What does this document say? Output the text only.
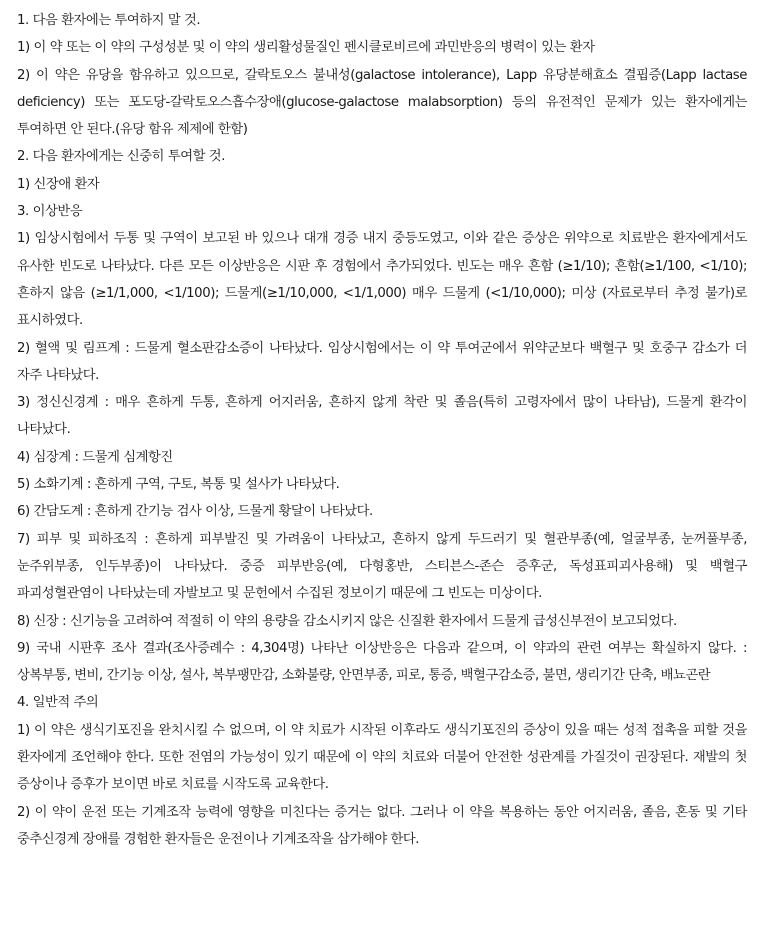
1. 다음 환자에는 투여하지 말 것.

1) 이 약 또는 이 약의 구성성분 및 이 약의 생리활성물질인 펜시클로비르에 과민반응의 병력이 있는 환자

2) 이 약은 유당을 함유하고 있으므로, 갈락토오스 불내성(galactose intolerance), Lapp 유당분해효소 결핍증(Lapp lactase deficiency) 또는 포도당-갈락토오스흡수장애(glucose-galactose malabsorption) 등의 유전적인 문제가 있는 환자에게는 투여하면 안 된다.(유당 함유 제제에 한함)

2. 다음 환자에게는 신중히 투여할 것.

1) 신장애 환자

3. 이상반응

1) 임상시험에서 두통 및 구역이 보고된 바 있으나 대개 경증 내지 중등도였고, 이와 같은 증상은 위약으로 치료받은 환자에게서도 유사한 빈도로 나타났다. 다른 모든 이상반응은 시판 후 경험에서 추가되었다. 빈도는 매우 흔함 (≥1/10); 흔함(≥1/100, <1/10); 흔하지 않음 (≥1/1,000, <1/100); 드물게(≥1/10,000, <1/1,000) 매우 드물게 (<1/10,000); 미상 (자료로부터 추정 불가)로 표시하였다.

2) 혈액 및 림프계 : 드물게 혈소판감소증이 나타났다. 임상시험에서는 이 약 투여군에서 위약군보다 백혈구 및 호중구 감소가 더 자주 나타났다.

3) 정신신경계 : 매우 흔하게 두통, 흔하게 어지러움, 흔하지 않게 착란 및 졸음(특히 고령자에서 많이 나타남), 드물게 환각이 나타났다.

4) 심장계 : 드물게 심계항진

5) 소화기계 : 흔하게 구역, 구토, 복통 및 설사가 나타났다.

6) 간담도계 : 흔하게 간기능 검사 이상, 드물게 황달이 나타났다.

7) 피부 및 피하조직 : 흔하게 피부발진 및 가려움이 나타났고, 흔하지 않게 두드러기 및 혈관부종(예, 얼굴부종, 눈꺼풀부종, 눈주위부종, 인두부종)이 나타났다. 중증 피부반응(예, 다형홍반, 스티븐스-존슨 증후군, 독성표피괴사용해) 및 백혈구 파괴성혈관염이 나타났는데 자발보고 및 문헌에서 수집된 정보이기 때문에 그 빈도는 미상이다.

8) 신장 : 신기능을 고려하여 적절히 이 약의 용량을 감소시키지 않은 신질환 환자에서 드물게 급성신부전이 보고되었다.

9) 국내 시판후 조사 결과(조사증례수 : 4,304명) 나타난 이상반응은 다음과 같으며, 이 약과의 관련 여부는 확실하지 않다. : 상복부통, 변비, 간기능 이상, 설사, 복부팽만감, 소화불량, 안면부종, 피로, 통증, 백혈구감소증, 불면, 생리기간 단축, 배뇨곤란

4. 일반적 주의

1) 이 약은 생식기포진을 완치시킬 수 없으며, 이 약 치료가 시작된 이후라도 생식기포진의 증상이 있을 때는 성적 접촉을 피할 것을 환자에게 조언해야 한다. 또한 전염의 가능성이 있기 때문에 이 약의 치료와 더불어 안전한 성관계를 가질것이 권장된다. 재발의 첫 증상이나 증후가 보이면 바로 치료를 시작도록 교육한다.

2) 이 약이 운전 또는 기계조작 능력에 영향을 미친다는 증거는 없다. 그러나 이 약을 복용하는 동안 어지러움, 졸음, 혼동 및 기타 중추신경계 장애를 경험한 환자들은 운전이나 기계조작을 삼가해야 한다.
